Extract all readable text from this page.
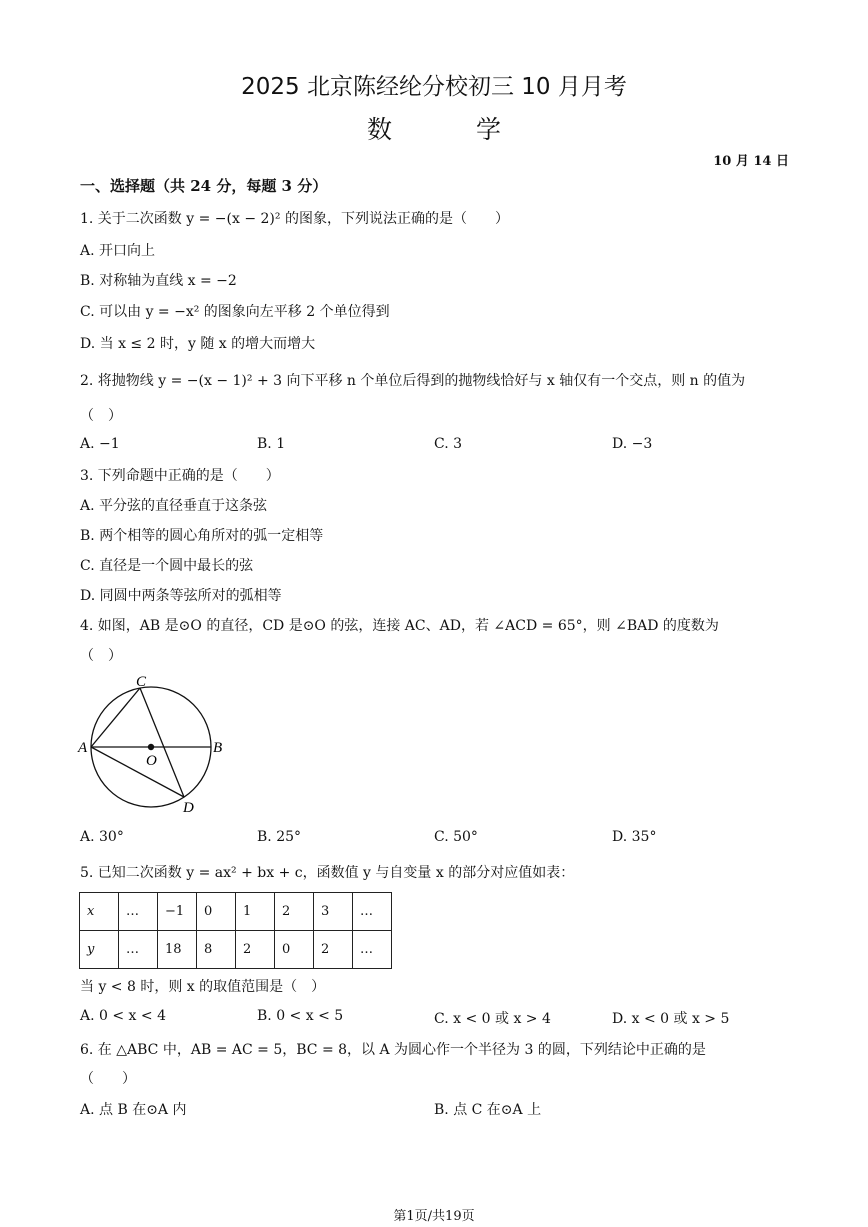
2025 北京陈经纶分校初三 10 月月考
数 学
10 月 14 日
一、选择题（共 24 分，每题 3 分）
1. 关于二次函数 y = −(x − 2)² 的图象，下列说法正确的是（　　）
A. 开口向上
B. 对称轴为直线 x = −2
C. 可以由 y = −x² 的图象向左平移 2 个单位得到
D. 当 x ≤ 2 时，y 随 x 的增大而增大
2. 将抛物线 y = −(x − 1)² + 3 向下平移 n 个单位后得到的抛物线恰好与 x 轴仅有一个交点，则 n 的值为
（　）
A. −1	B. 1	C. 3	D. −3
3. 下列命题中正确的是（　　）
A. 平分弦的直径垂直于这条弦
B. 两个相等的圆心角所对的弧一定相等
C. 直径是一个圆中最长的弦
D. 同圆中两条等弦所对的弧相等
4. 如图，AB 是⊙O 的直径，CD 是⊙O 的弦，连接 AC、AD，若 ∠ACD = 65°，则 ∠BAD 的度数为
（　）
A	B
C
D
O
A. 30°	B. 25°	C. 50°	D. 35°
5. 已知二次函数 y = ax² + bx + c，函数值 y 与自变量 x 的部分对应值如表：
x	…	−1	0	1	2	3	…
y	…	18	8	2	0	2	…
当 y < 8 时，则 x 的取值范围是（　）
A. 0 < x < 4	B. 0 < x < 5	C. x < 0 或 x > 4	D. x < 0 或 x > 5
6. 在 △ABC 中，AB = AC = 5，BC = 8，以 A 为圆心作一个半径为 3 的圆，下列结论中正确的是
（　　）
A. 点 B 在⊙A 内	B. 点 C 在⊙A 上
第1页/共19页
